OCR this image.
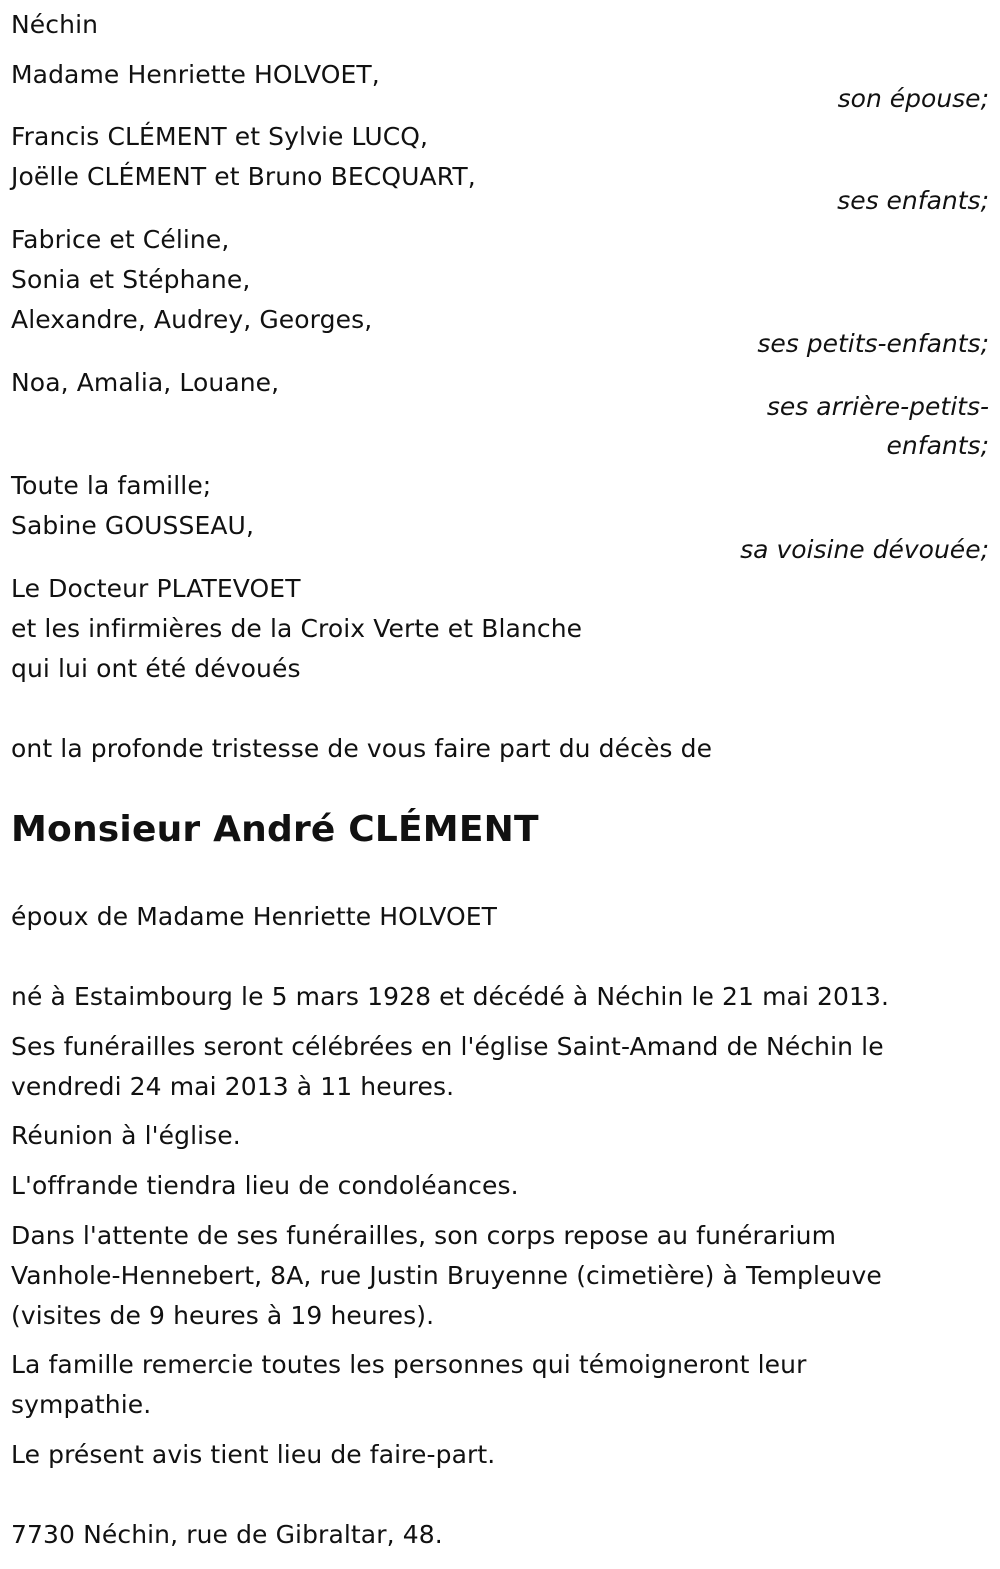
Néchin
Madame Henriette HOLVOET,
son épouse;
Francis CLÉMENT et Sylvie LUCQ,
Joëlle CLÉMENT et Bruno BECQUART,
ses enfants;
Fabrice et Céline,
Sonia et Stéphane,
Alexandre, Audrey, Georges,
ses petits-enfants;
Noa, Amalia, Louane,
ses arrière-petits-
enfants;
Toute la famille;
Sabine GOUSSEAU,
sa voisine dévouée;
Le Docteur PLATEVOET
et les infirmières de la Croix Verte et Blanche
qui lui ont été dévoués
ont la profonde tristesse de vous faire part du décès de
Monsieur André CLÉMENT
époux de Madame Henriette HOLVOET
né à Estaimbourg le 5 mars 1928 et décédé à Néchin le 21 mai 2013.
Ses funérailles seront célébrées en l'église Saint-Amand de Néchin le
vendredi 24 mai 2013 à 11 heures.
Réunion à l'église.
L'offrande tiendra lieu de condoléances.
Dans l'attente de ses funérailles, son corps repose au funérarium
Vanhole-Hennebert, 8A, rue Justin Bruyenne (cimetière) à Templeuve
(visites de 9 heures à 19 heures).
La famille remercie toutes les personnes qui témoigneront leur
sympathie.
Le présent avis tient lieu de faire-part.
7730 Néchin, rue de Gibraltar, 48.
